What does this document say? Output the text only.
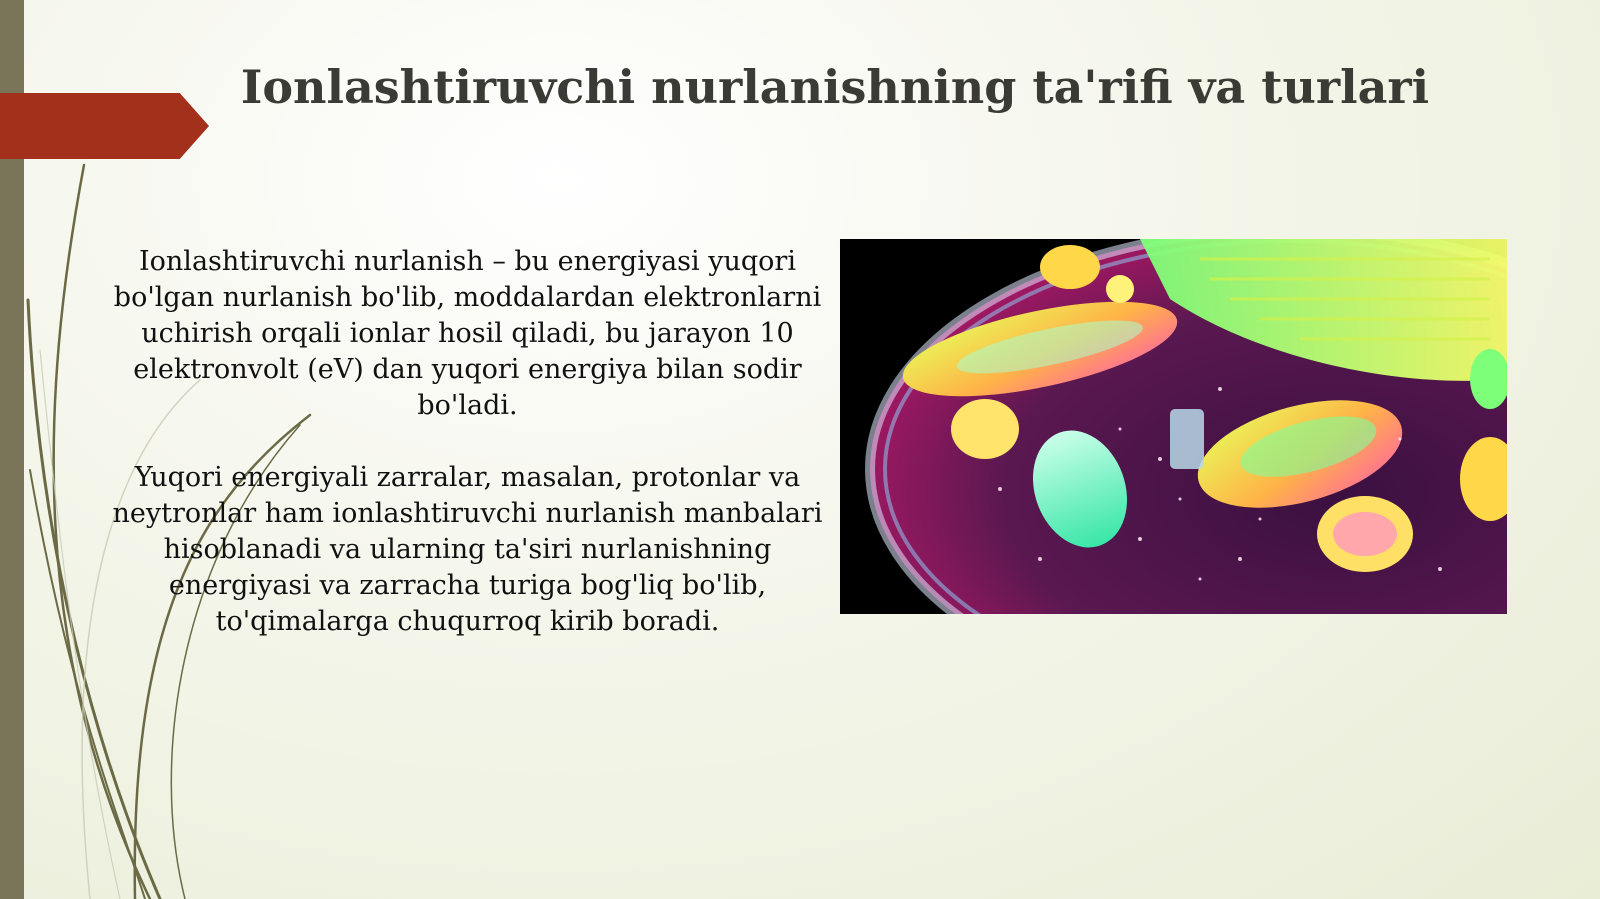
Ionlashtiruvchi nurlanishning ta'rifi va turlari

Ionlashtiruvchi nurlanish – bu energiyasi yuqori bo'lgan nurlanish bo'lib, moddalardan elektronlarni uchirish orqali ionlar hosil qiladi, bu jarayon 10 elektronvolt (eV) dan yuqori energiya bilan sodir bo'ladi.

Yuqori energiyali zarralar, masalan, protonlar va neytronlar ham ionlashtiruvchi nurlanish manbalari hisoblanadi va ularning ta'siri nurlanishning energiyasi va zarracha turiga bog'liq bo'lib, to'qimalarga chuqurroq kirib boradi.
